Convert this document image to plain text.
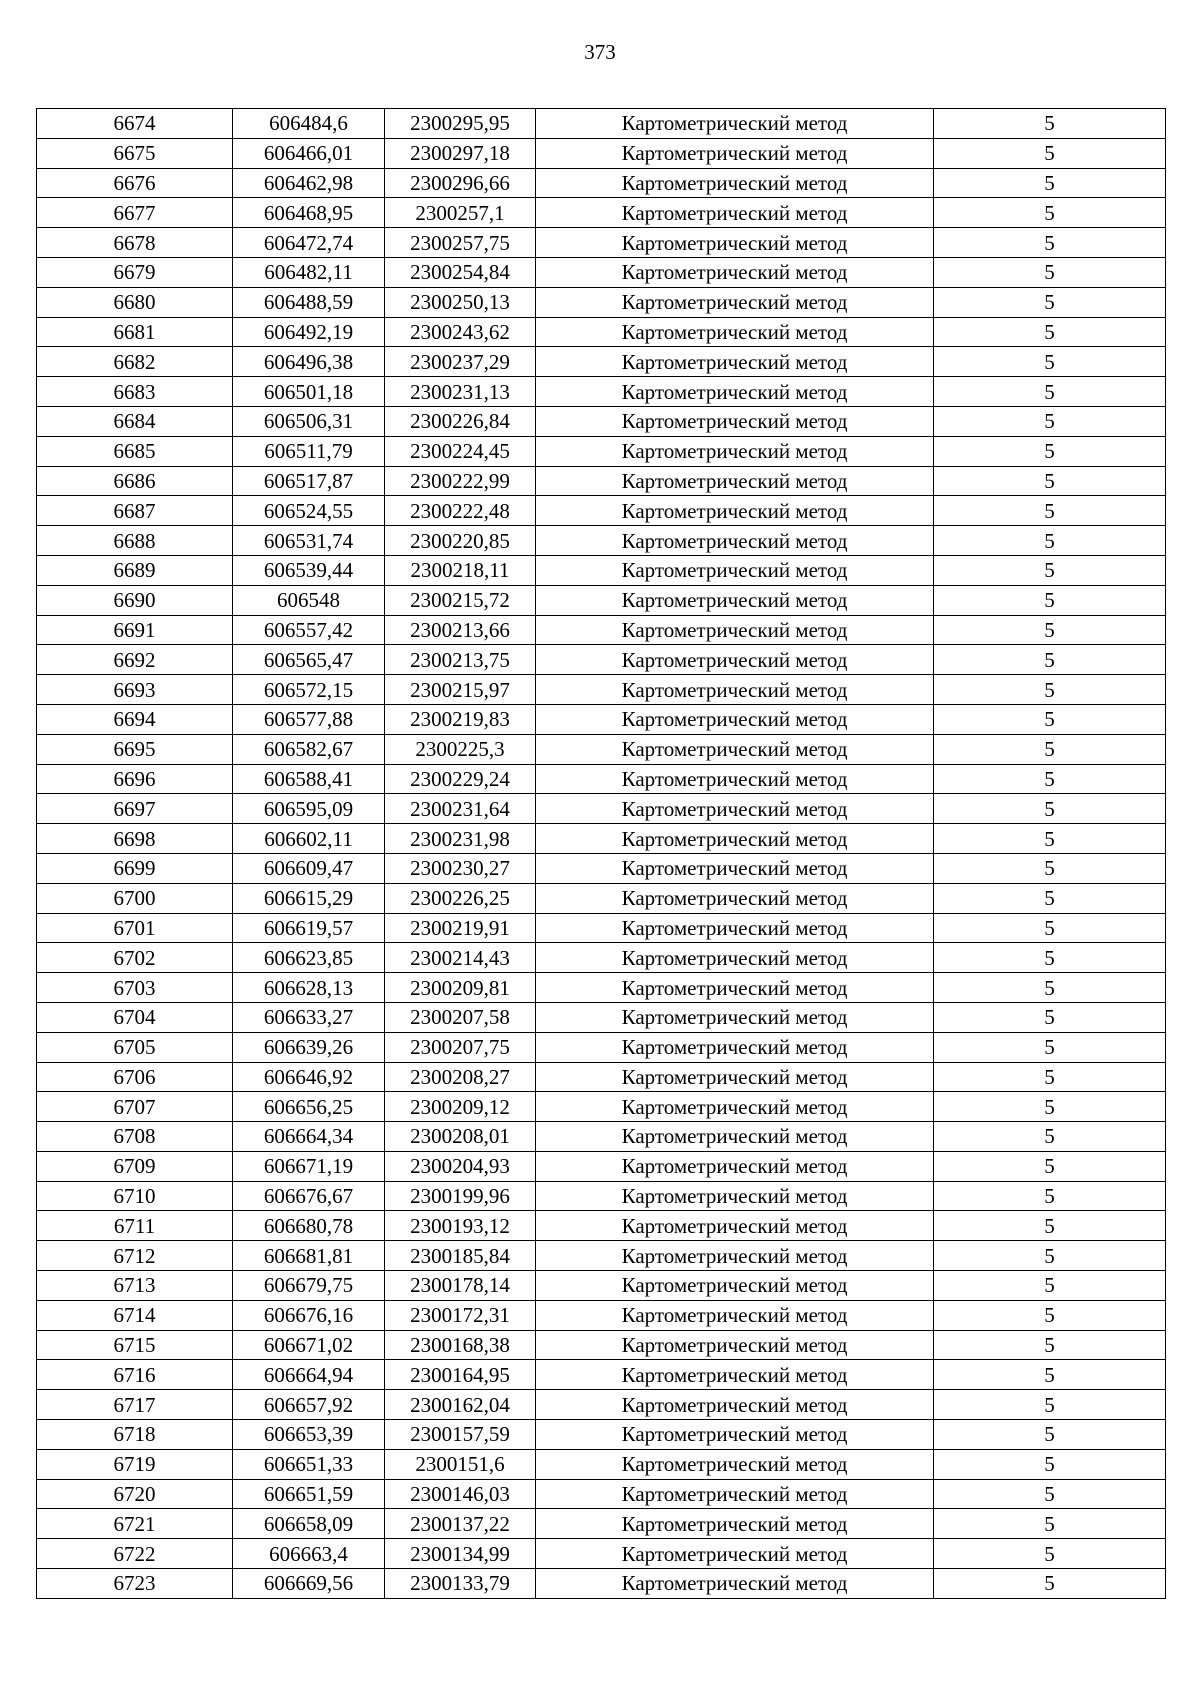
373
6674	606484,6	2300295,95	Картометрический метод	5
6675	606466,01	2300297,18	Картометрический метод	5
6676	606462,98	2300296,66	Картометрический метод	5
6677	606468,95	2300257,1	Картометрический метод	5
6678	606472,74	2300257,75	Картометрический метод	5
6679	606482,11	2300254,84	Картометрический метод	5
6680	606488,59	2300250,13	Картометрический метод	5
6681	606492,19	2300243,62	Картометрический метод	5
6682	606496,38	2300237,29	Картометрический метод	5
6683	606501,18	2300231,13	Картометрический метод	5
6684	606506,31	2300226,84	Картометрический метод	5
6685	606511,79	2300224,45	Картометрический метод	5
6686	606517,87	2300222,99	Картометрический метод	5
6687	606524,55	2300222,48	Картометрический метод	5
6688	606531,74	2300220,85	Картометрический метод	5
6689	606539,44	2300218,11	Картометрический метод	5
6690	606548	2300215,72	Картометрический метод	5
6691	606557,42	2300213,66	Картометрический метод	5
6692	606565,47	2300213,75	Картометрический метод	5
6693	606572,15	2300215,97	Картометрический метод	5
6694	606577,88	2300219,83	Картометрический метод	5
6695	606582,67	2300225,3	Картометрический метод	5
6696	606588,41	2300229,24	Картометрический метод	5
6697	606595,09	2300231,64	Картометрический метод	5
6698	606602,11	2300231,98	Картометрический метод	5
6699	606609,47	2300230,27	Картометрический метод	5
6700	606615,29	2300226,25	Картометрический метод	5
6701	606619,57	2300219,91	Картометрический метод	5
6702	606623,85	2300214,43	Картометрический метод	5
6703	606628,13	2300209,81	Картометрический метод	5
6704	606633,27	2300207,58	Картометрический метод	5
6705	606639,26	2300207,75	Картометрический метод	5
6706	606646,92	2300208,27	Картометрический метод	5
6707	606656,25	2300209,12	Картометрический метод	5
6708	606664,34	2300208,01	Картометрический метод	5
6709	606671,19	2300204,93	Картометрический метод	5
6710	606676,67	2300199,96	Картометрический метод	5
6711	606680,78	2300193,12	Картометрический метод	5
6712	606681,81	2300185,84	Картометрический метод	5
6713	606679,75	2300178,14	Картометрический метод	5
6714	606676,16	2300172,31	Картометрический метод	5
6715	606671,02	2300168,38	Картометрический метод	5
6716	606664,94	2300164,95	Картометрический метод	5
6717	606657,92	2300162,04	Картометрический метод	5
6718	606653,39	2300157,59	Картометрический метод	5
6719	606651,33	2300151,6	Картометрический метод	5
6720	606651,59	2300146,03	Картометрический метод	5
6721	606658,09	2300137,22	Картометрический метод	5
6722	606663,4	2300134,99	Картометрический метод	5
6723	606669,56	2300133,79	Картометрический метод	5
